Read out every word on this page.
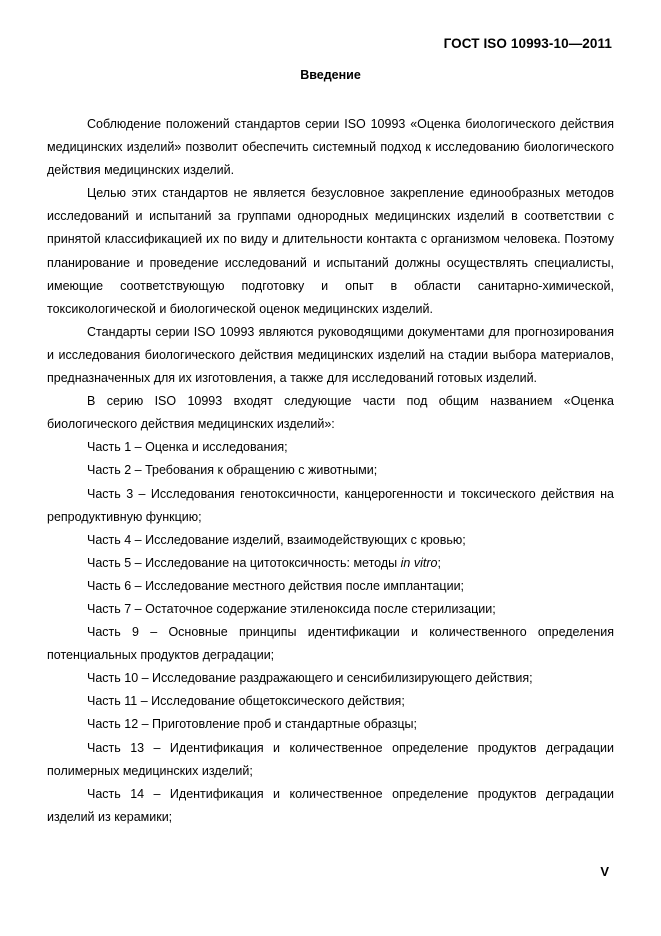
ГОСТ ISO 10993-10—2011
Введение

Соблюдение положений стандартов серии ISO 10993 «Оценка биологического действия медицинских изделий» позволит обеспечить системный подход к исследованию биологического действия медицинских изделий.

Целью этих стандартов не является безусловное закрепление единообразных методов исследований и испытаний за группами однородных медицинских изделий в соответствии с принятой классификацией их по виду и длительности контакта с организмом человека. Поэтому планирование и проведение исследований и испытаний должны осуществлять специалисты, имеющие соответствующую подготовку и опыт в области санитарно-химической, токсикологической и биологической оценок медицинских изделий.

Стандарты серии ISO 10993 являются руководящими документами для прогнозирования и исследования биологического действия медицинских изделий на стадии выбора материалов, предназначенных для их изготовления, а также для исследований готовых изделий.

В серию ISO 10993 входят следующие части под общим названием «Оценка биологического действия медицинских изделий»:

Часть 1 – Оценка и исследования;

Часть 2 – Требования к обращению с животными;

Часть 3 – Исследования генотоксичности, канцерогенности и токсического действия на репродуктивную функцию;

Часть 4 – Исследование изделий, взаимодействующих с кровью;

Часть 5 – Исследование на цитотоксичность: методы in vitro;

Часть 6 – Исследование местного действия после имплантации;

Часть 7 – Остаточное содержание этиленоксида после стерилизации;

Часть 9 – Основные принципы идентификации и количественного определения потенциальных продуктов деградации;

Часть 10 – Исследование раздражающего и сенсибилизирующего действия;

Часть 11 – Исследование общетоксического действия;

Часть 12 – Приготовление проб и стандартные образцы;

Часть 13 – Идентификация и количественное определение продуктов деградации полимерных медицинских изделий;

Часть 14 – Идентификация и количественное определение продуктов деградации изделий из керамики;

V
